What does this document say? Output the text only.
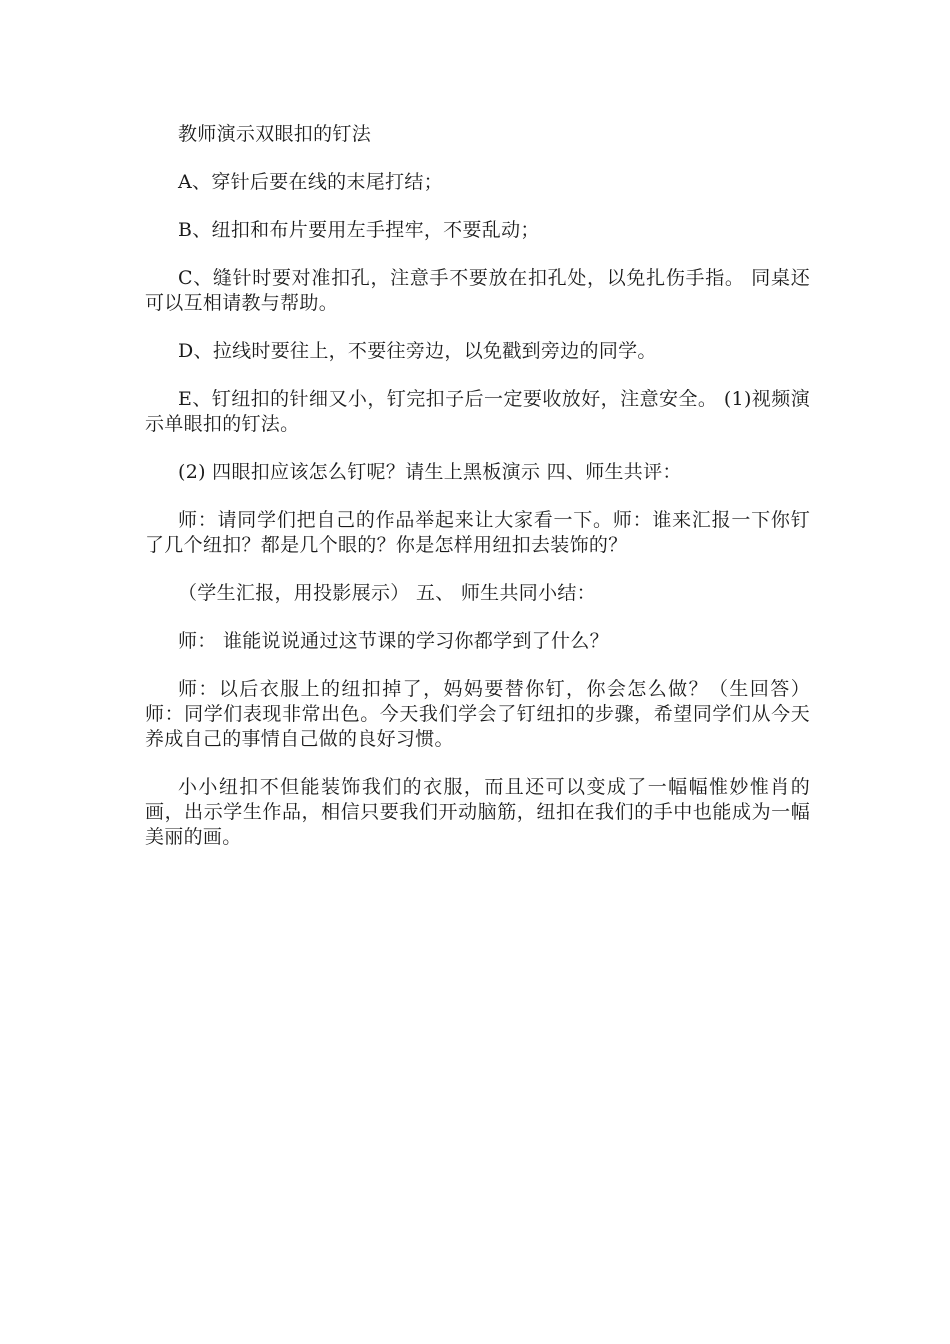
教师演示双眼扣的钉法

A、穿针后要在线的末尾打结；

B、纽扣和布片要用左手捏牢，不要乱动；

C、缝针时要对准扣孔，注意手不要放在扣孔处，以免扎伤手指。 同桌还可以互相请教与帮助。

D、拉线时要往上，不要往旁边，以免戳到旁边的同学。

E、钉纽扣的针细又小，钉完扣子后一定要收放好，注意安全。 (1)视频演示单眼扣的钉法。

(2) 四眼扣应该怎么钉呢？请生上黑板演示 四、师生共评：

师：请同学们把自己的作品举起来让大家看一下。师：谁来汇报一下你钉了几个纽扣？都是几个眼的？你是怎样用纽扣去装饰的？

（学生汇报，用投影展示） 五、 师生共同小结：

师： 谁能说说通过这节课的学习你都学到了什么？

师：以后衣服上的纽扣掉了，妈妈要替你钉，你会怎么做？（生回答） 师：同学们表现非常出色。今天我们学会了钉纽扣的步骤，希望同学们从今天养成自己的事情自己做的良好习惯。

小小纽扣不但能装饰我们的衣服，而且还可以变成了一幅幅惟妙惟肖的画，出示学生作品，相信只要我们开动脑筋，纽扣在我们的手中也能成为一幅美丽的画。
